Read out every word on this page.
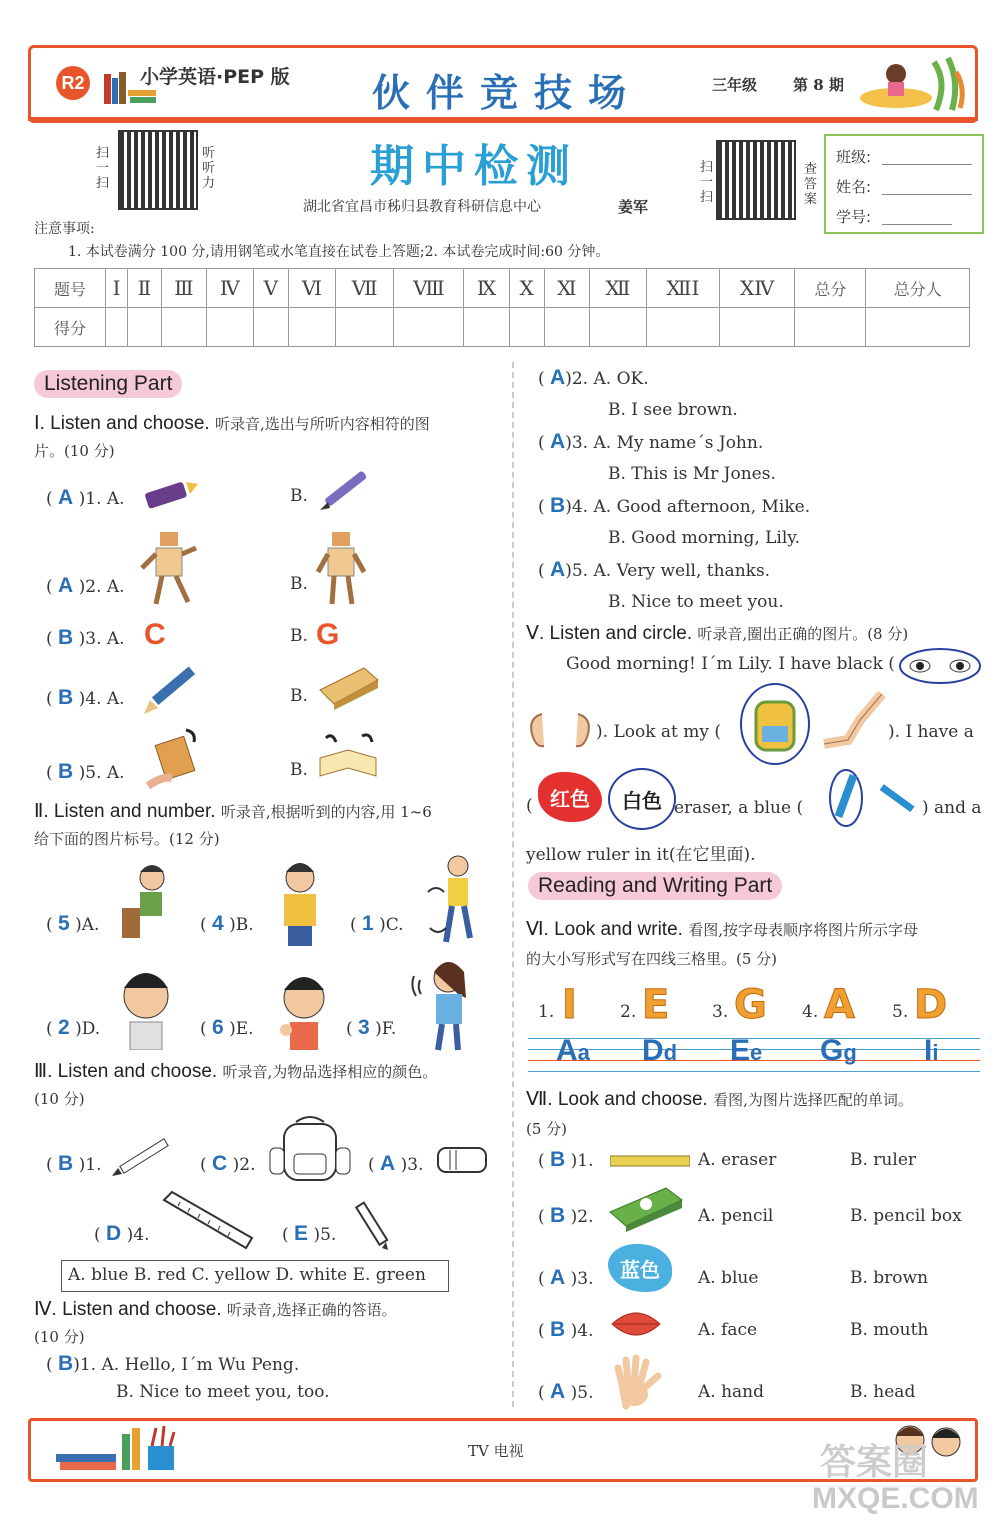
R2	小学英语·PEP 版 伙伴竞技场	三年级 第 8 期
期中检测
扫一扫
听听力
扫一扫
查答案
湖北省宜昌市秭归县教育科研信息中心	姜军
班级:
姓名:
学号:
注意事项:
1. 本试卷满分 100 分,请用钢笔或水笔直接在试卷上答题;2. 本试卷完成时间:60 分钟。
题号	Ⅰ	Ⅱ	Ⅲ	Ⅳ	Ⅴ	Ⅵ	Ⅶ	Ⅷ	Ⅸ	Ⅹ	Ⅺ	Ⅻ	ⅫI	ⅩⅣ	总分	总分人
得分																
Listening Part
Ⅰ. Listen and choose. 听录音,选出与所听内容相符的图
片。(10 分)
( A )1. A.	B.
( A )2. A.	B.
( B )3. A. C	B. G
( B )4. A.	B.
( B )5. A.	B.
Ⅱ. Listen and number. 听录音,根据听到的内容,用 1~6
给下面的图片标号。(12 分)
( 5 )A.	( 4 )B.	( 1 )C.
( 2 )D.	( 6 )E.	( 3 )F.
Ⅲ. Listen and choose. 听录音,为物品选择相应的颜色。
(10 分)
( B )1.	( C )2.	( A )3.
( D )4.	( E )5.
A. blue B. red C. yellow D. white E. green
Ⅳ. Listen and choose. 听录音,选择正确的答语。
(10 分)
( B)1. A. Hello, I´m Wu Peng.
B. Nice to meet you, too.
( A)2. A. OK.
B. I see brown.
( A)3. A. My name´s John.
B. This is Mr Jones.
( B)4. A. Good afternoon, Mike.
B. Good morning, Lily.
( A)5. A. Very well, thanks.
B. Nice to meet you.
Ⅴ. Listen and circle. 听录音,圈出正确的图片。(8 分)
Good morning! I´m Lily. I have black (
). Look at my (	). I have a
( 红色	白色 eraser, a blue (	) and a
yellow ruler in it(在它里面).
Reading and Writing Part
Ⅵ. Look and write. 看图,按字母表顺序将图片所示字母
的大小写形式写在四线三格里。(5 分)
1. I	2. E	3. G 4. A 5. D
Aa Dd Ee Gg Ii
Ⅶ. Look and choose. 看图,为图片选择匹配的单词。
(5 分)
( B )1.	A. eraser	B. ruler
( B )2.	A. pencil	B. pencil box
( A )3.	蓝色	A. blue	B. brown
( B )4.	A. face	B. mouth
( A )5.	A. hand	B. head
TV 电视	答案圈
MXQE.COM
